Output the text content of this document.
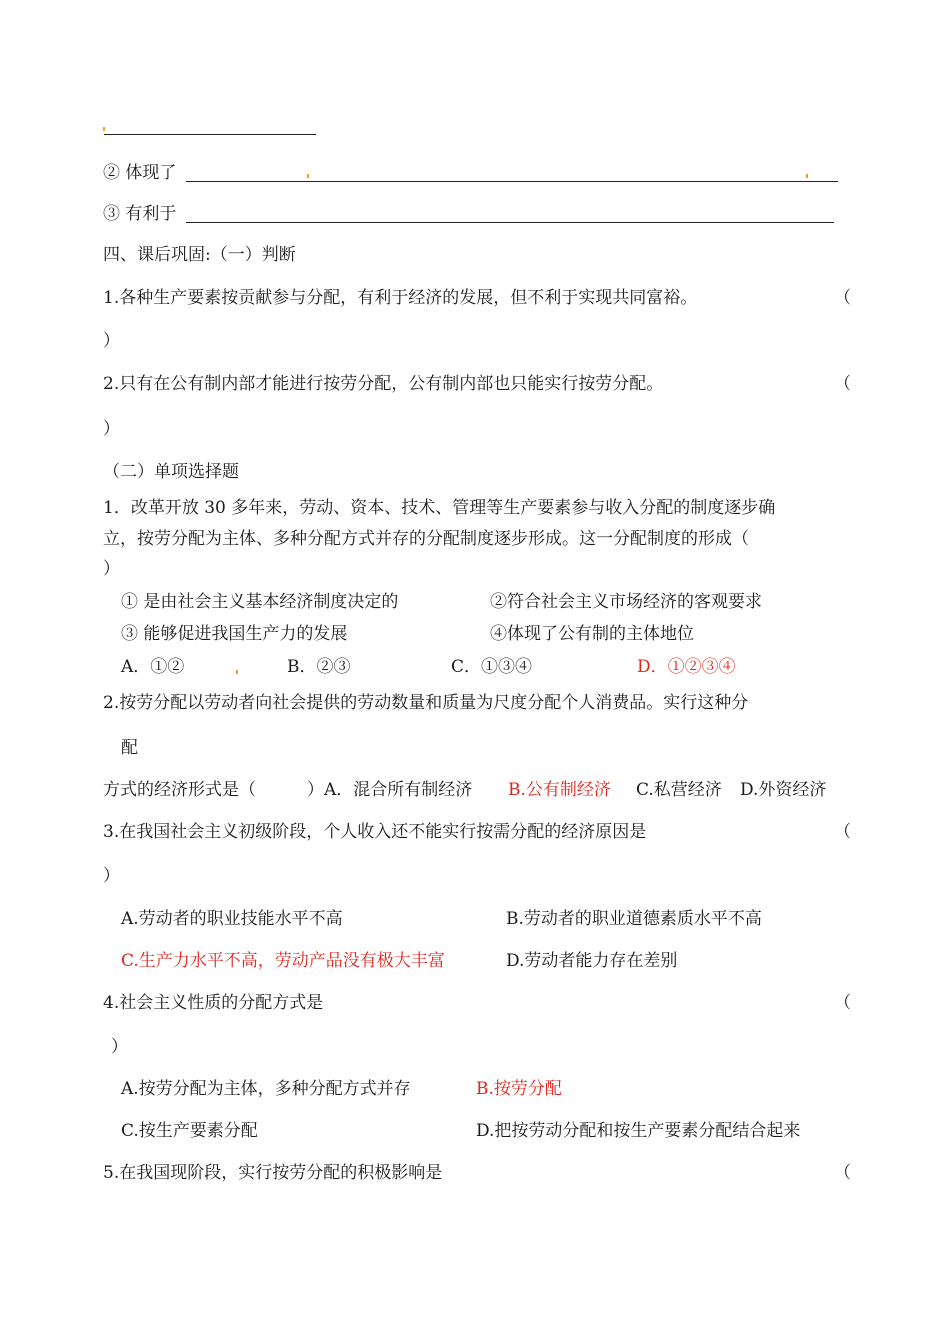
② 体现了
③ 有利于
四、课后巩固:（一）判断
1.各种生产要素按贡献参与分配，有利于经济的发展，但不利于实现共同富裕。	（
）
2.只有在公有制内部才能进行按劳分配，公有制内部也只能实行按劳分配。	（
）
（二）单项选择题
1．改革开放 30 多年来，劳动、资本、技术、管理等生产要素参与收入分配的制度逐步确
立，按劳分配为主体、多种分配方式并存的分配制度逐步形成。这一分配制度的形成（
）
① 是由社会主义基本经济制度决定的	②符合社会主义市场经济的客观要求
③ 能够促进我国生产力的发展	④体现了公有制的主体地位
A．①②	B．②③	C．①③④	D．①②③④
2.按劳分配以劳动者向社会提供的劳动数量和质量为尺度分配个人消费品。实行这种分
配
方式的经济形式是（　　　）A．混合所有制经济 B.公有制经济 C.私营经济 D.外资经济
3.在我国社会主义初级阶段，个人收入还不能实行按需分配的经济原因是	（
）
A.劳动者的职业技能水平不高	B.劳动者的职业道德素质水平不高
C.生产力水平不高，劳动产品没有极大丰富	D.劳动者能力存在差别
4.社会主义性质的分配方式是	（
）
A.按劳分配为主体，多种分配方式并存	B.按劳分配
C.按生产要素分配	D.把按劳动分配和按生产要素分配结合起来
5.在我国现阶段，实行按劳分配的积极影响是	（
